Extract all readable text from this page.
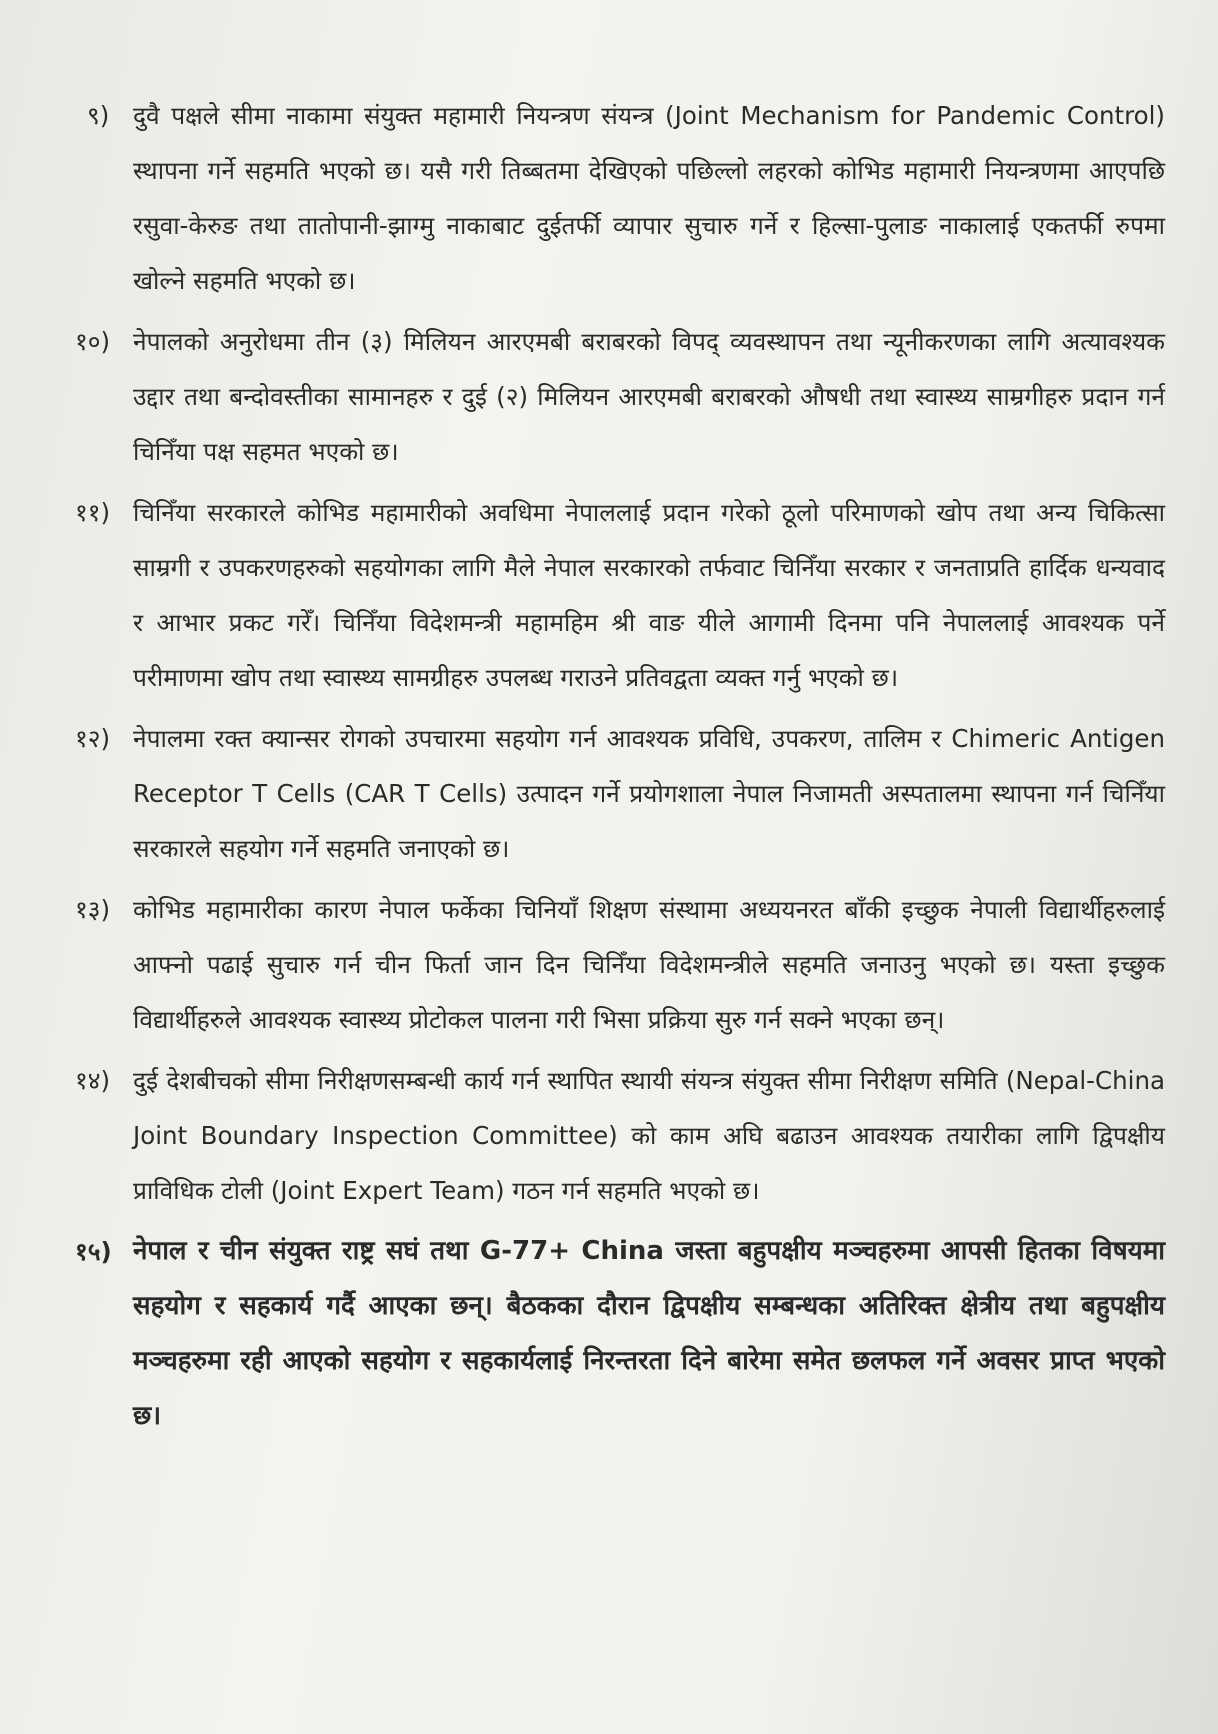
९) दुवै पक्षले सीमा नाकामा संयुक्त महामारी नियन्त्रण संयन्त्र (Joint Mechanism for Pandemic Control) स्थापना गर्ने सहमति भएको छ। यसै गरी तिब्बतमा देखिएको पछिल्लो लहरको कोभिड महामारी नियन्त्रणमा आएपछि रसुवा-केरुङ तथा तातोपानी-झाग्मु नाकाबाट दुईतर्फी व्यापार सुचारु गर्ने र हिल्सा-पुलाङ नाकालाई एकतर्फी रुपमा खोल्ने सहमति भएको छ।
१०) नेपालको अनुरोधमा तीन (३) मिलियन आरएमबी बराबरको विपद् व्यवस्थापन तथा न्यूनीकरणका लागि अत्यावश्यक उद्दार तथा बन्दोवस्तीका सामानहरु र दुई (२) मिलियन आरएमबी बराबरको औषधी तथा स्वास्थ्य साम्रगीहरु प्रदान गर्न चिनिँया पक्ष सहमत भएको छ।
११) चिनिँया सरकारले कोभिड महामारीको अवधिमा नेपाललाई प्रदान गरेको ठूलो परिमाणको खोप तथा अन्य चिकित्सा साम्रगी र उपकरणहरुको सहयोगका लागि मैले नेपाल सरकारको तर्फवाट चिनिँया सरकार र जनताप्रति हार्दिक धन्यवाद र आभार प्रकट गरेँ। चिनिँया विदेशमन्त्री महामहिम श्री वाङ यीले आगामी दिनमा पनि नेपाललाई आवश्यक पर्ने परीमाणमा खोप तथा स्वास्थ्य सामग्रीहरु उपलब्ध गराउने प्रतिवद्वता व्यक्त गर्नु भएको छ।
१२) नेपालमा रक्त क्यान्सर रोगको उपचारमा सहयोग गर्न आवश्यक प्रविधि, उपकरण, तालिम र Chimeric Antigen Receptor T Cells (CAR T Cells) उत्पादन गर्ने प्रयोगशाला नेपाल निजामती अस्पतालमा स्थापना गर्न चिनिँया सरकारले सहयोग गर्ने सहमति जनाएको छ।
१३) कोभिड महामारीका कारण नेपाल फर्केका चिनियाँ शिक्षण संस्थामा अध्ययनरत बाँकी इच्छुक नेपाली विद्यार्थीहरुलाई आफ्नो पढाई सुचारु गर्न चीन फिर्ता जान दिन चिनिँया विदेशमन्त्रीले सहमति जनाउनु भएको छ। यस्ता इच्छुक विद्यार्थीहरुले आवश्यक स्वास्थ्य प्रोटोकल पालना गरी भिसा प्रक्रिया सुरु गर्न सक्ने भएका छन्।
१४) दुई देशबीचको सीमा निरीक्षणसम्बन्धी कार्य गर्न स्थापित स्थायी संयन्त्र संयुक्त सीमा निरीक्षण समिति (Nepal-China Joint Boundary Inspection Committee) को काम अघि बढाउन आवश्यक तयारीका लागि द्विपक्षीय प्राविधिक टोली (Joint Expert Team) गठन गर्न सहमति भएको छ।
१५) नेपाल र चीन संयुक्त राष्ट्र सघं तथा G-77+ China जस्ता बहुपक्षीय मञ्चहरुमा आपसी हितका विषयमा सहयोग र सहकार्य गर्दै आएका छन्। बैठकका दौरान द्विपक्षीय सम्बन्धका अतिरिक्त क्षेत्रीय तथा बहुपक्षीय मञ्चहरुमा रही आएको सहयोग र सहकार्यलाई निरन्तरता दिने बारेमा समेत छलफल गर्ने अवसर प्राप्त भएको छ।
